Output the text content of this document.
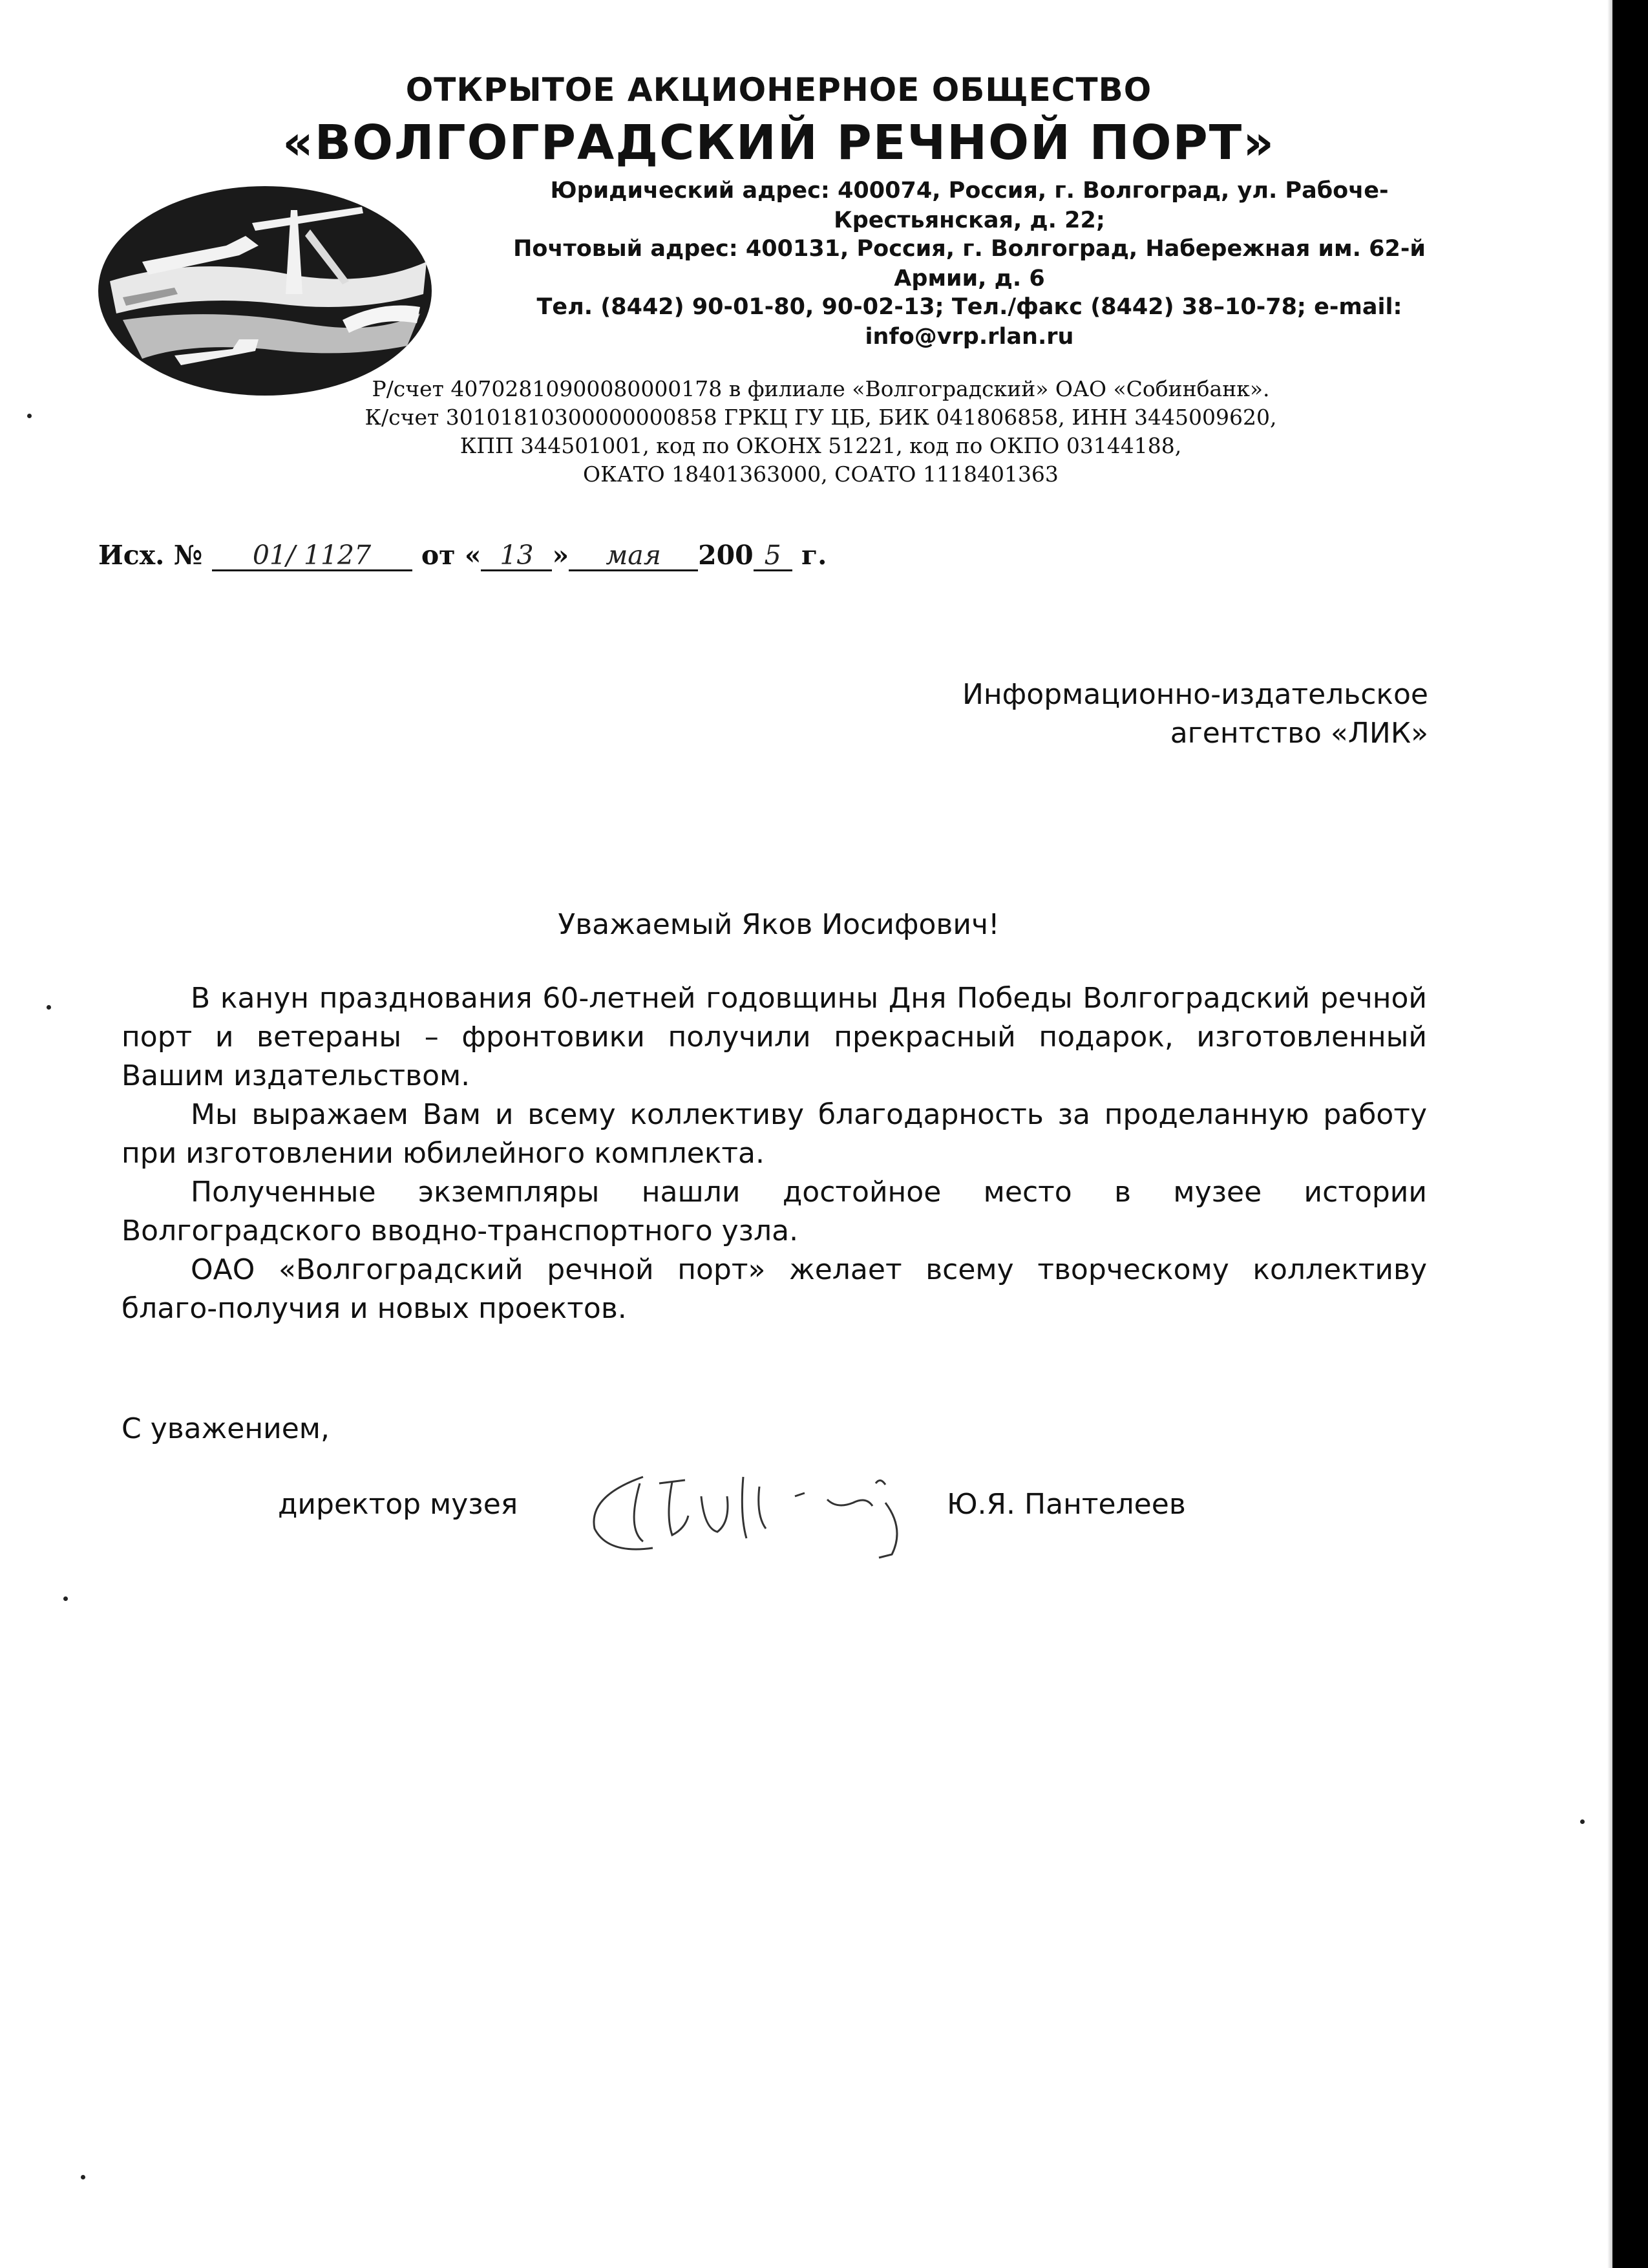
ОТКРЫТОЕ АКЦИОНЕРНОЕ ОБЩЕСТВО
«ВОЛГОГРАДСКИЙ РЕЧНОЙ ПОРТ»
Юридический адрес: 400074, Россия, г. Волгоград, ул. Рабоче-Крестьянская, д. 22;
Почтовый адрес: 400131, Россия, г. Волгоград, Набережная им. 62-й Армии, д. 6
Тел. (8442) 90-01-80, 90-02-13; Тел./факс (8442) 38–10-78; e-mail: info@vrp.rlan.ru
Р/счет 40702810900080000178 в филиале «Волгоградский» ОАО «Собинбанк».
К/счет 30101810300000000858 ГРКЦ ГУ ЦБ, БИК 041806858, ИНН 3445009620,
КПП 344501001, код по ОКОНХ 51221, код по ОКПО 03144188,
ОКАТО 18401363000, СОАТО 1118401363
Исх. № 01/ 1127 от « 13 » мая 200 5 г.
Информационно-издательское
агентство «ЛИК»
Уважаемый Яков Иосифович!

В канун празднования 60-летней годовщины Дня Победы Волгоградский речной порт и ветераны – фронтовики получили прекрасный подарок, изготовленный Вашим издательством.

Мы выражаем Вам и всему коллективу благодарность за проделанную работу при изготовлении юбилейного комплекта.

Полученные экземпляры нашли достойное место в музее истории Волгоградского вводно-транспортного узла.

ОАО «Волгоградский речной порт» желает всему творческому коллективу благо-получия и новых проектов.

С уважением,
директор музея	Ю.Я. Пантелеев
